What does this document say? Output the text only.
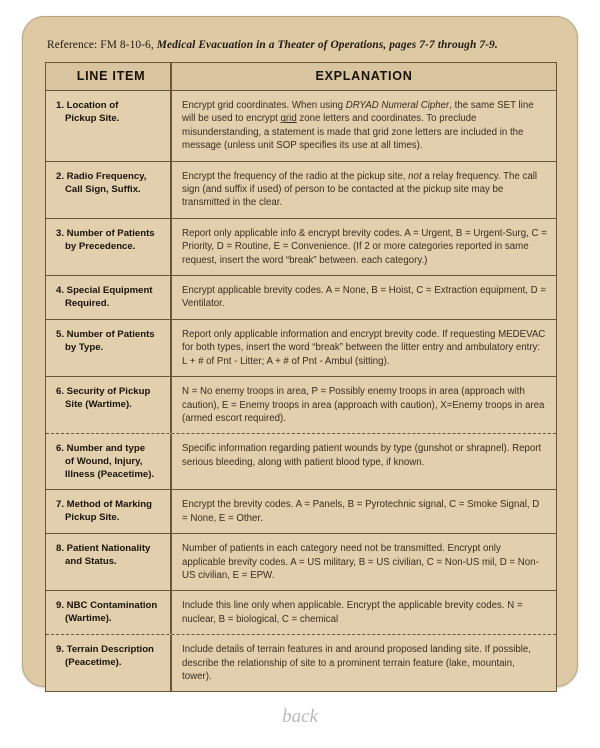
Reference: FM 8-10-6, Medical Evacuation in a Theater of Operations, pages 7-7 through 7-9.
LINE ITEM	EXPLANATION
1. Location of
Pickup Site.
Encrypt grid coordinates. When using DRYAD Numeral Cipher, the same SET line will be used to encrypt grid zone letters and coordinates. To preclude misunderstanding, a statement is made that grid zone letters are included in the message (unless unit SOP specifies its use at all times).
2. Radio Frequency,
Call Sign, Suffix.
Encrypt the frequency of the radio at the pickup site, not a relay frequency. The call sign (and suffix if used) of person to be contacted at the pickup site may be transmitted in the clear.
3. Number of Patients
by Precedence.
Report only applicable info & encrypt brevity codes. A = Urgent, B = Urgent-Surg, C = Priority, D = Routine, E = Convenience. (If 2 or more categories reported in same request, insert the word “break” between. each category.)
4. Special Equipment
Required.
Encrypt applicable brevity codes. A = None, B = Hoist, C = Extraction equipment, D = Ventilator.
5. Number of Patients
by Type.
Report only applicable information and encrypt brevity code. If requesting MEDEVAC for both types, insert the word “break” between the litter entry and ambulatory entry: L + # of Pnt - Litter; A + # of Pnt - Ambul (sitting).
6. Security of Pickup
Site (Wartime).
N = No enemy troops in area, P = Possibly enemy troops in area (approach with caution), E = Enemy troops in area (approach with caution), X=Enemy troops in area (armed escort required).
6. Number and type
of Wound, Injury,
Illness (Peacetime).
Specific information regarding patient wounds by type (gunshot or shrapnel). Report serious bleeding, along with patient blood type, if known.
7. Method of Marking
Pickup Site.
Encrypt the brevity codes. A = Panels, B = Pyrotechnic signal, C = Smoke Signal, D = None, E = Other.
8. Patient Nationality
and Status.
Number of patients in each category need not be transmitted. Encrypt only applicable brevity codes. A = US military, B = US civilian, C = Non-US mil, D = Non-US civilian, E = EPW.
9. NBC Contamination
(Wartime).
Include this line only when applicable. Encrypt the applicable brevity codes. N = nuclear, B = biological, C = chemical
9. Terrain Description
(Peacetime).
Include details of terrain features in and around proposed landing site. If possible, describe the relationship of site to a prominent terrain feature (lake, mountain, tower).
back
